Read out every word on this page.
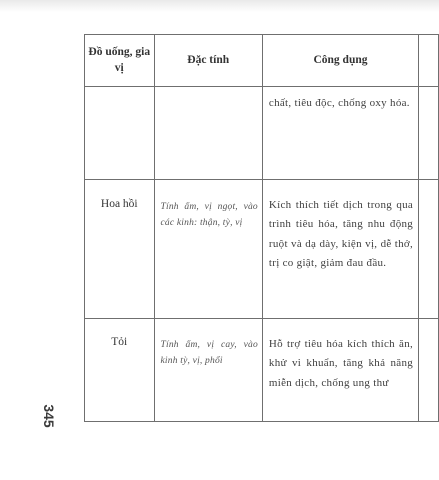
Đồ uống, gia vị	Đặc tính	Công dụng	

		chất, tiêu độc, chống oxy hóa.	

Hoa hồi	Tính ấm, vị ngọt, vào các kinh: thận, tỳ, vị	Kích thích tiết dịch trong qua trình tiêu hóa, tăng nhu động ruột và dạ dày, kiện vị, dễ thở, trị co giật, giảm đau đầu.	

Tỏi	Tính ấm, vị cay, vào kinh tỳ, vị, phổi	Hỗ trợ tiêu hóa kích thích ăn, khử vi khuẩn, tăng khả năng miễn dịch, chống ung thư	

345
